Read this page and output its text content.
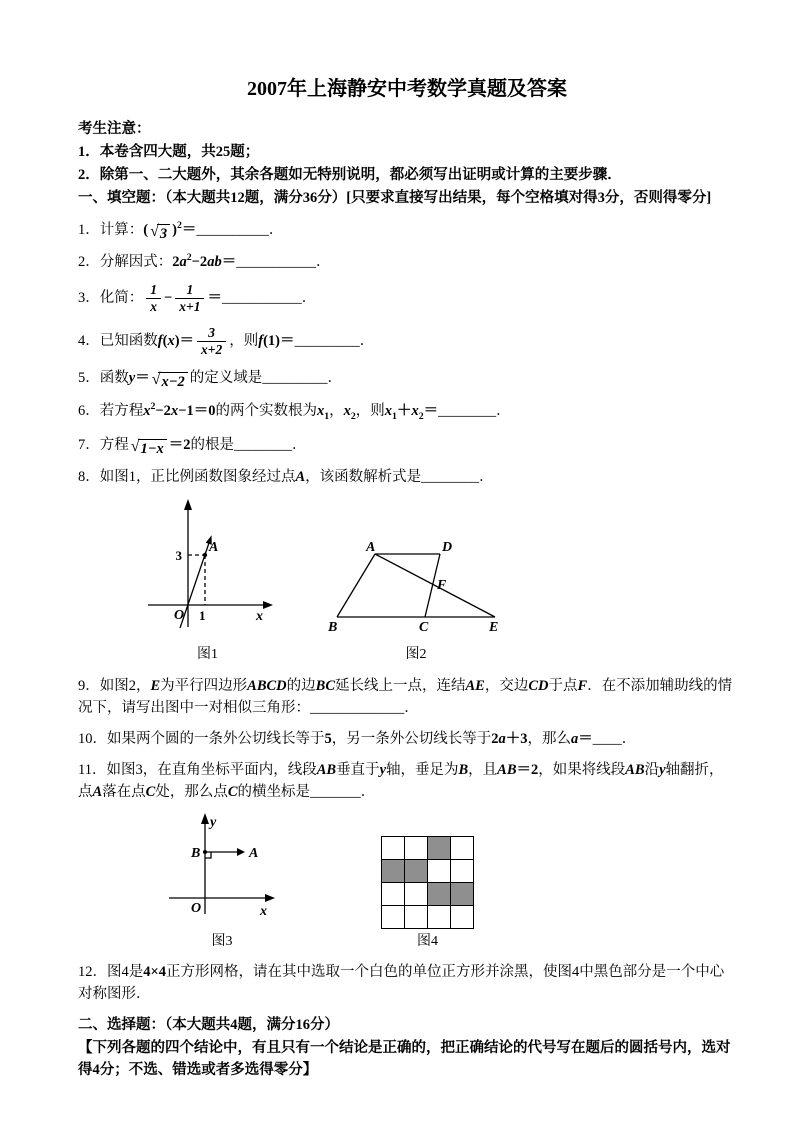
2007年上海静安中考数学真题及答案

考生注意：

1．本卷含四大题，共25题；

2．除第一、二大题外，其余各题如无特别说明，都必须写出证明或计算的主要步骤．

一、填空题：（本大题共12题，满分36分）[只要求直接写出结果，每个空格填对得3分，否则得零分]

1．计算：( √ 3 )$^2$＝__________．

2．分解因式：$2a^2-2ab=\_\_\_\_\_\_\_\_\_\_\_$．

3．化简： $\frac{1}{x} - \frac{1}{x+1}$ ＝___________．

4．已知函数$f(x)= \frac{3}{x+2}$ ，则f(1)＝_________．

5．函数y＝ √ x−2 的定义域是_________．

6．若方程$x^2-2x-1=0$的两个实数根为$x_1$，$x_2$，则$x_1+x_2=\_\_\_\_\_\_\_\_$．

7．方程 √ 1−x ＝2的根是________．

8．如图1，正比例函数图象经过点A，该函数解析式是________．

3
A
O 1	x
图1
A	D
F
B	C	E
图2

9．如图2，E为平行四边形ABCD的边BC延长线上一点，连结AE，交边CD于点F．在不添加辅助线的情况下，请写出图中一对相似三角形：_____________．

10．如果两个圆的一条外公切线长等于5，另一条外公切线长等于2a＋3，那么a＝____．

11．如图3，在直角坐标平面内，线段AB垂直于y轴，垂足为B，且AB＝2，如果将线段AB沿y轴翻折，点A落在点C处，那么点C的横坐标是_______．

y
B	A
O	x
图3	图4

12．图4是4×4正方形网格，请在其中选取一个白色的单位正方形并涂黑，使图4中黑色部分是一个中心对称图形．

二、选择题：（本大题共4题，满分16分）

【下列各题的四个结论中，有且只有一个结论是正确的，把正确结论的代号写在题后的圆括号内，选对得4分；不选、错选或者多选得零分】
